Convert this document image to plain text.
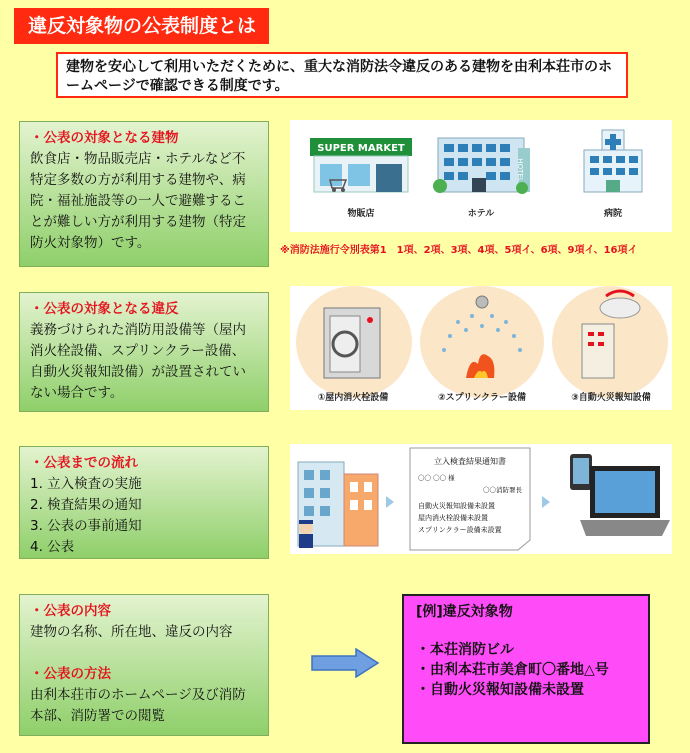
違反対象物の公表制度とは
建物を安心して利用いただくために、重大な消防法令違反のある建物を由利本荘市のホームページで確認できる制度です。
・公表の対象となる建物
飲食店・物品販売店・ホテルなど不特定多数の方が利用する建物や、病院・福祉施設等の一人で避難することが難しい方が利用する建物（特定防火対象物）です。
SUPER MARKET
HOTEL
物販店	ホテル	病院
※消防法施行令別表第1　1項、2項、3項、4項、5項イ、6項、9項イ、16項イ
・公表の対象となる違反
義務づけられた消防用設備等（屋内消火栓設備、スプリンクラー設備、自動火災報知設備）が設置されていない場合です。	①屋内消火栓設備	②スプリンクラー設備	③自動火災報知設備
・公表までの流れ
1. 立入検査の実施
2. 検査結果の通知
3. 公表の事前通知
4. 公表
立入検査結果通知書
〇〇 〇〇 様
〇〇消防署長
自動火災報知設備未設置
屋内消火栓設備未設置
スプリンクラー設備未設置
・公表の内容
建物の名称、所在地、違反の内容
・公表の方法
由利本荘市のホームページ及び消防本部、消防署での閲覧
[例]違反対象物
・本荘消防ビル
・由利本荘市美倉町〇番地△号
・自動火災報知設備未設置
